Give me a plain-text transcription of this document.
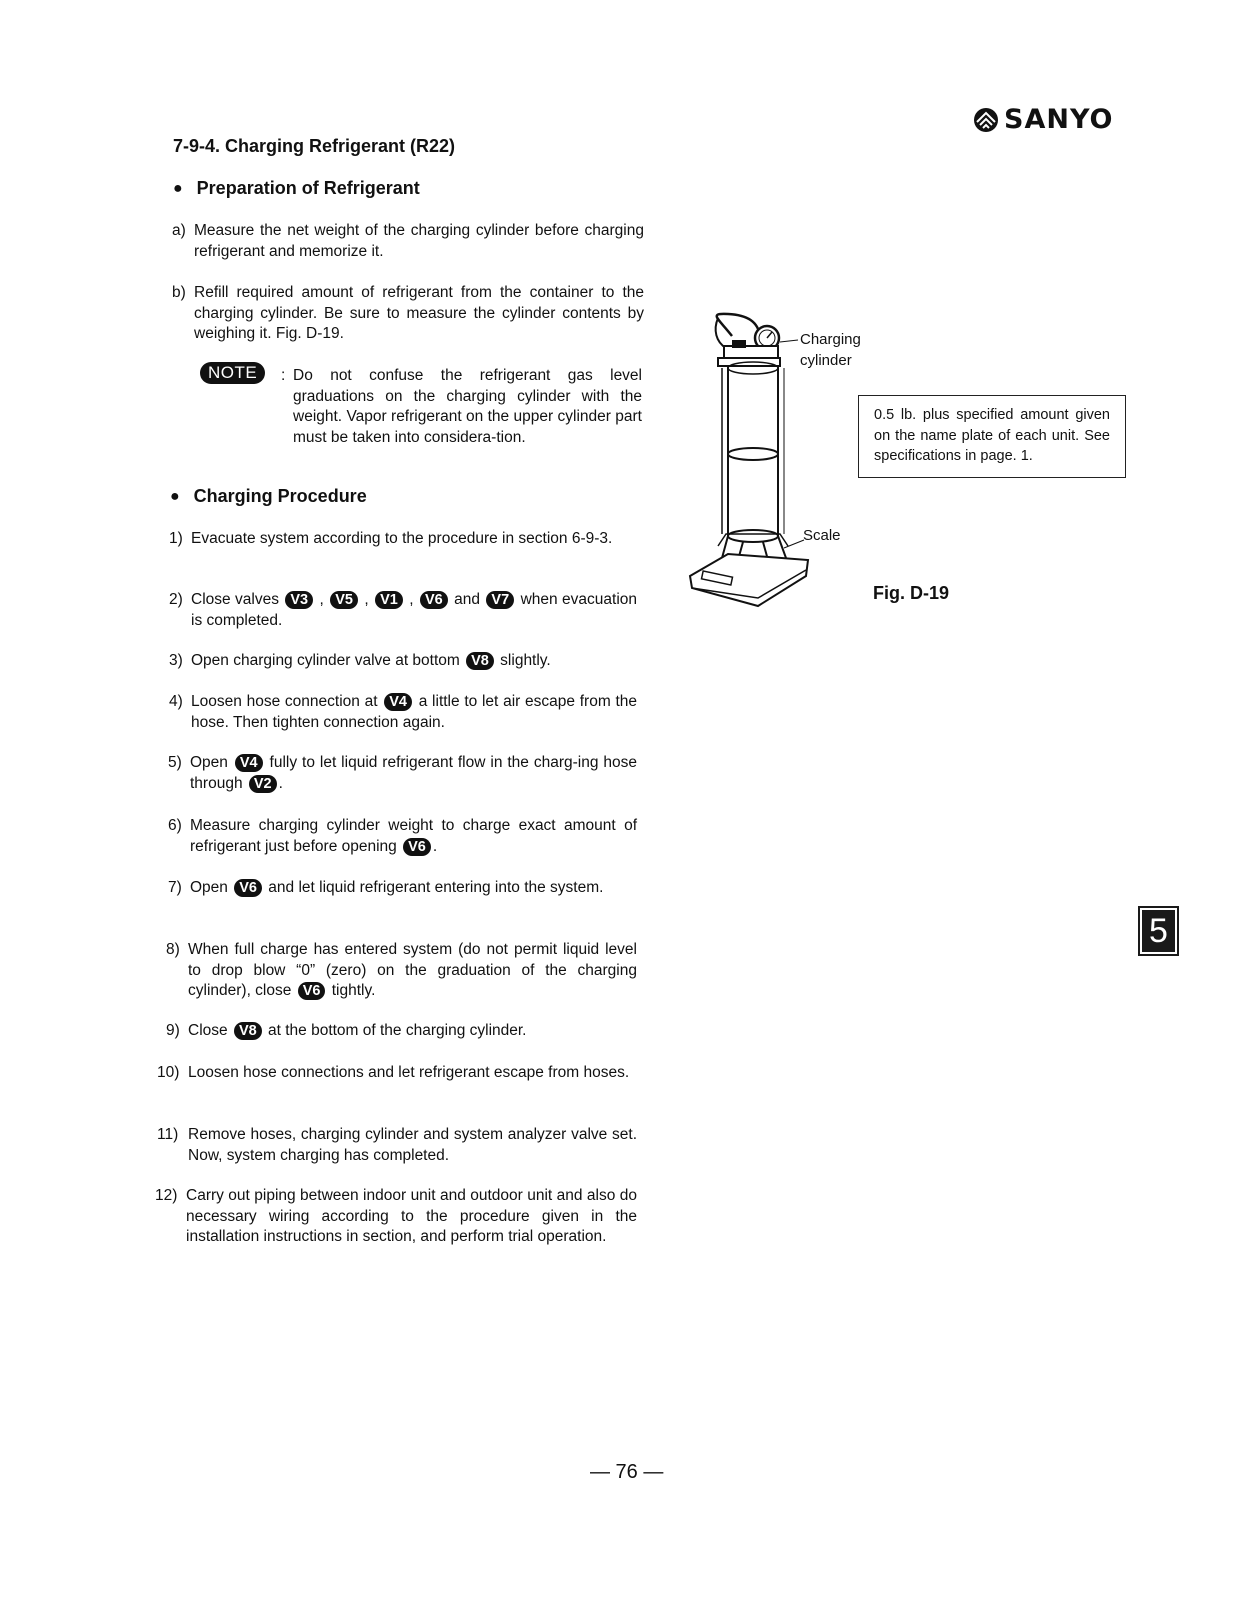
SANYO
7-9-4. Charging Refrigerant (R22)
● Preparation of Refrigerant
a) Measure the net weight of the charging cylinder before charging refrigerant and memorize it.
b) Refill required amount of refrigerant from the container to the charging cylinder. Be sure to measure the cylinder contents by weighing it. Fig. D-19.
NOTE	: Do not confuse the refrigerant gas level graduations on the charging cylinder with the weight. Vapor refrigerant on the upper cylinder part must be taken into considera-tion.
● Charging Procedure
1) Evacuate system according to the procedure in section 6-9-3.
2) Close valves V3 , V5 , V1 , V6 and V7 when evacuation is completed.
3) Open charging cylinder valve at bottom V8 slightly.
4) Loosen hose connection at V4 a little to let air escape from the hose. Then tighten connection again.
5) Open V4 fully to let liquid refrigerant flow in the charg-ing hose through V2 .
6) Measure charging cylinder weight to charge exact amount of refrigerant just before opening V6 .
7) Open V6 and let liquid refrigerant entering into the system.
8) When full charge has entered system (do not permit liquid level to drop blow “0” (zero) on the graduation of the charging cylinder), close V6 tightly.
9) Close V8 at the bottom of the charging cylinder.
10) Loosen hose connections and let refrigerant escape from hoses.
11) Remove hoses, charging cylinder and system analyzer valve set. Now, system charging has completed.
12) Carry out piping between indoor unit and outdoor unit and also do necessary wiring according to the procedure given in the installation instructions in section, and perform trial operation.
Charging
cylinder
Scale
0.5 lb. plus specified amount given on the name plate of each unit. See specifications in page. 1.
Fig. D-19
5
— 76 —
